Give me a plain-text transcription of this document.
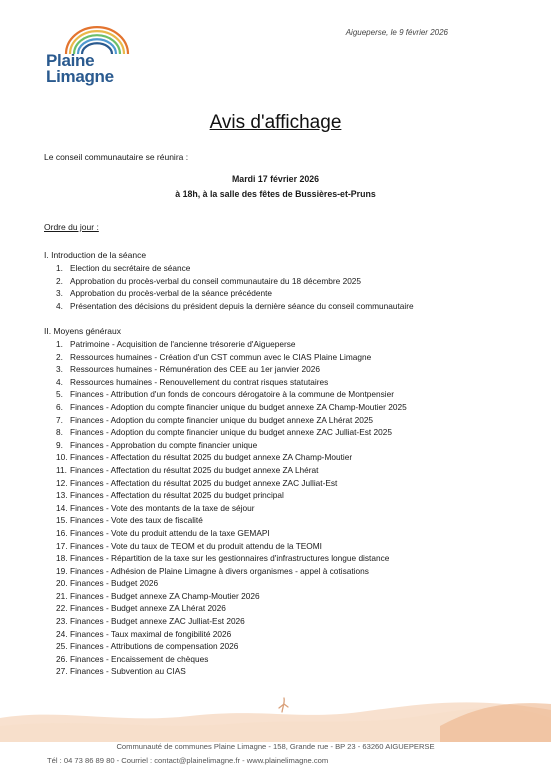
Aigueperse, le 9 février 2026
Plaine
Limagne
Avis d'affichage
Le conseil communautaire se réunira :
Mardi 17 février 2026
à 18h, à la salle des fêtes de Bussières-et-Pruns
Ordre du jour :
I. Introduction de la séance
1. Election du secrétaire de séance
2. Approbation du procès-verbal du conseil communautaire du 18 décembre 2025
3. Approbation du procès-verbal de la séance précédente
4. Présentation des décisions du président depuis la dernière séance du conseil communautaire
II. Moyens généraux
1. Patrimoine - Acquisition de l'ancienne trésorerie d'Aigueperse
2. Ressources humaines - Création d'un CST commun avec le CIAS Plaine Limagne
3. Ressources humaines - Rémunération des CEE au 1er janvier 2026
4. Ressources humaines - Renouvellement du contrat risques statutaires
5. Finances - Attribution d'un fonds de concours dérogatoire à la commune de Montpensier
6. Finances - Adoption du compte financier unique du budget annexe ZA Champ-Moutier 2025
7. Finances - Adoption du compte financier unique du budget annexe ZA Lhérat 2025
8. Finances - Adoption du compte financier unique du budget annexe ZAC Julliat-Est 2025
9. Finances - Approbation du compte financier unique
10. Finances - Affectation du résultat 2025 du budget annexe ZA Champ-Moutier
11. Finances - Affectation du résultat 2025 du budget annexe ZA Lhérat
12. Finances - Affectation du résultat 2025 du budget annexe ZAC Julliat-Est
13. Finances - Affectation du résultat 2025 du budget principal
14. Finances - Vote des montants de la taxe de séjour
15. Finances - Vote des taux de fiscalité
16. Finances - Vote du produit attendu de la taxe GEMAPI
17. Finances - Vote du taux de TEOM et du produit attendu de la TEOMI
18. Finances - Répartition de la taxe sur les gestionnaires d'infrastructures longue distance
19. Finances - Adhésion de Plaine Limagne à divers organismes - appel à cotisations
20. Finances - Budget 2026
21. Finances - Budget annexe ZA Champ-Moutier 2026
22. Finances - Budget annexe ZA Lhérat 2026
23. Finances - Budget annexe ZAC Julliat-Est 2026
24. Finances - Taux maximal de fongibilité 2026
25. Finances - Attributions de compensation 2026
26. Finances - Encaissement de chèques
27. Finances - Subvention au CIAS
Communauté de communes Plaine Limagne - 158, Grande rue - BP 23 - 63260 AIGUEPERSE
Tél : 04 73 86 89 80 - Courriel : contact@plainelimagne.fr - www.plainelimagne.com
